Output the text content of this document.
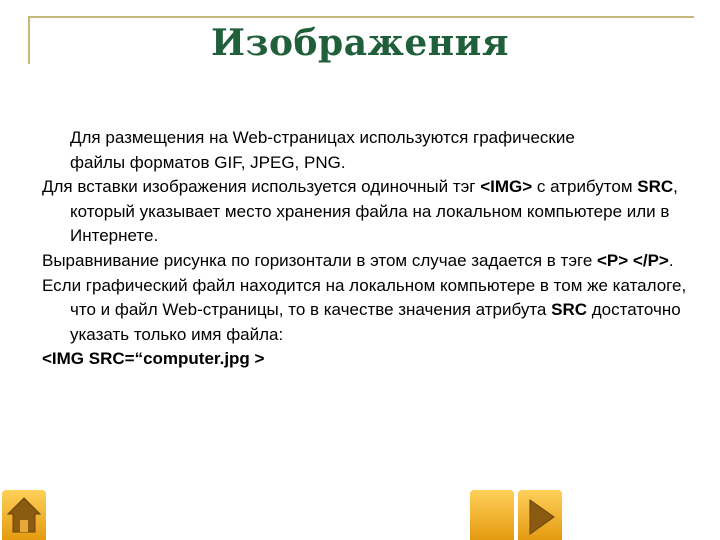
Изображения
Для размещения на Web-страницах используются графические
файлы форматов GIF, JPEG, PNG.
Для вставки изображения используется одиночный тэг <IMG> с атрибутом SRC, который указывает место хранения файла на локальном компьютере или в Интернете.
Выравнивание рисунка по горизонтали в этом случае задается в тэге <P> </P>.
Если графический файл находится на локальном компьютере в том же каталоге, что и файл Web-страницы, то в качестве значения атрибута SRC достаточно указать только имя файла:
<IMG SRC=“computer.jpg >
